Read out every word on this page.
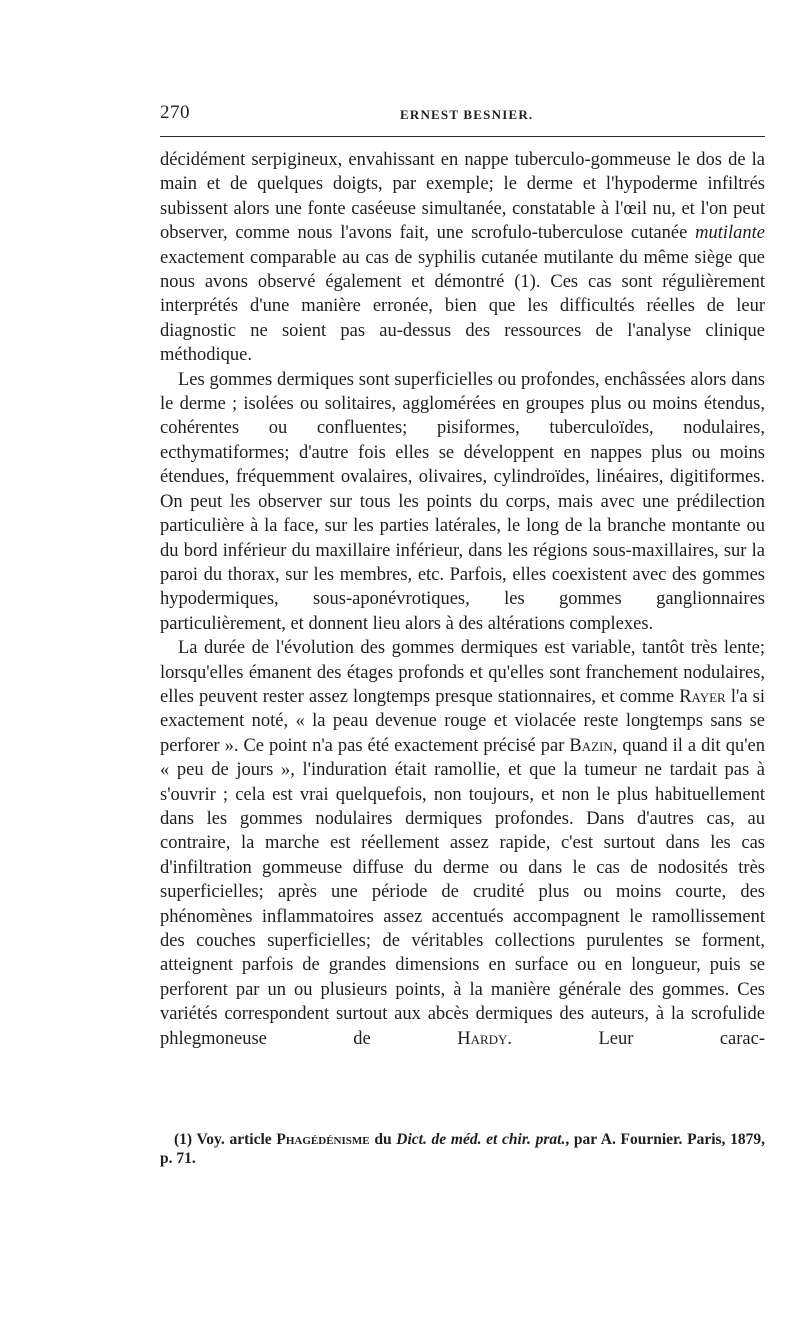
270	ERNEST BESNIER.

décidément serpigineux, envahissant en nappe tuberculo-gommeuse le dos de la main et de quelques doigts, par exemple; le derme et l'hypoderme infiltrés subissent alors une fonte caséeuse simultanée, constatable à l'œil nu, et l'on peut observer, comme nous l'avons fait, une scrofulo-tuberculose cutanée mutilante exactement comparable au cas de syphilis cutanée mutilante du même siège que nous avons observé également et démontré (1). Ces cas sont régulièrement interprétés d'une manière erronée, bien que les difficultés réelles de leur diagnostic ne soient pas au-dessus des ressources de l'analyse clinique méthodique.

Les gommes dermiques sont superficielles ou profondes, enchâssées alors dans le derme ; isolées ou solitaires, agglomérées en groupes plus ou moins étendus, cohérentes ou confluentes; pisiformes, tuberculoïdes, nodulaires, ecthymatiformes; d'autre fois elles se développent en nappes plus ou moins étendues, fréquemment ovalaires, olivaires, cylindroïdes, linéaires, digitiformes. On peut les observer sur tous les points du corps, mais avec une prédilection particulière à la face, sur les parties latérales, le long de la branche montante ou du bord inférieur du maxillaire inférieur, dans les régions sous-maxillaires, sur la paroi du thorax, sur les membres, etc. Parfois, elles coexistent avec des gommes hypodermiques, sous-aponévrotiques, les gommes ganglionnaires particulièrement, et donnent lieu alors à des altérations complexes.

La durée de l'évolution des gommes dermiques est variable, tantôt très lente; lorsqu'elles émanent des étages profonds et qu'elles sont franchement nodulaires, elles peuvent rester assez longtemps presque stationnaires, et comme Rayer l'a si exactement noté, « la peau devenue rouge et violacée reste longtemps sans se perforer ». Ce point n'a pas été exactement précisé par Bazin, quand il a dit qu'en « peu de jours », l'induration était ramollie, et que la tumeur ne tardait pas à s'ouvrir ; cela est vrai quelquefois, non toujours, et non le plus habituellement dans les gommes nodulaires dermiques profondes. Dans d'autres cas, au contraire, la marche est réellement assez rapide, c'est surtout dans les cas d'infiltration gommeuse diffuse du derme ou dans le cas de nodosités très superficielles; après une période de crudité plus ou moins courte, des phénomènes inflammatoires assez accentués accompagnent le ramollissement des couches superficielles; de véritables collections purulentes se forment, atteignent parfois de grandes dimensions en surface ou en longueur, puis se perforent par un ou plusieurs points, à la manière générale des gommes. Ces variétés correspondent surtout aux abcès dermiques des auteurs, à la scrofulide phlegmoneuse de Hardy. Leur carac-

(1) Voy. article Phagédénisme du Dict. de méd. et chir. prat., par A. Fournier. Paris, 1879, p. 71.
